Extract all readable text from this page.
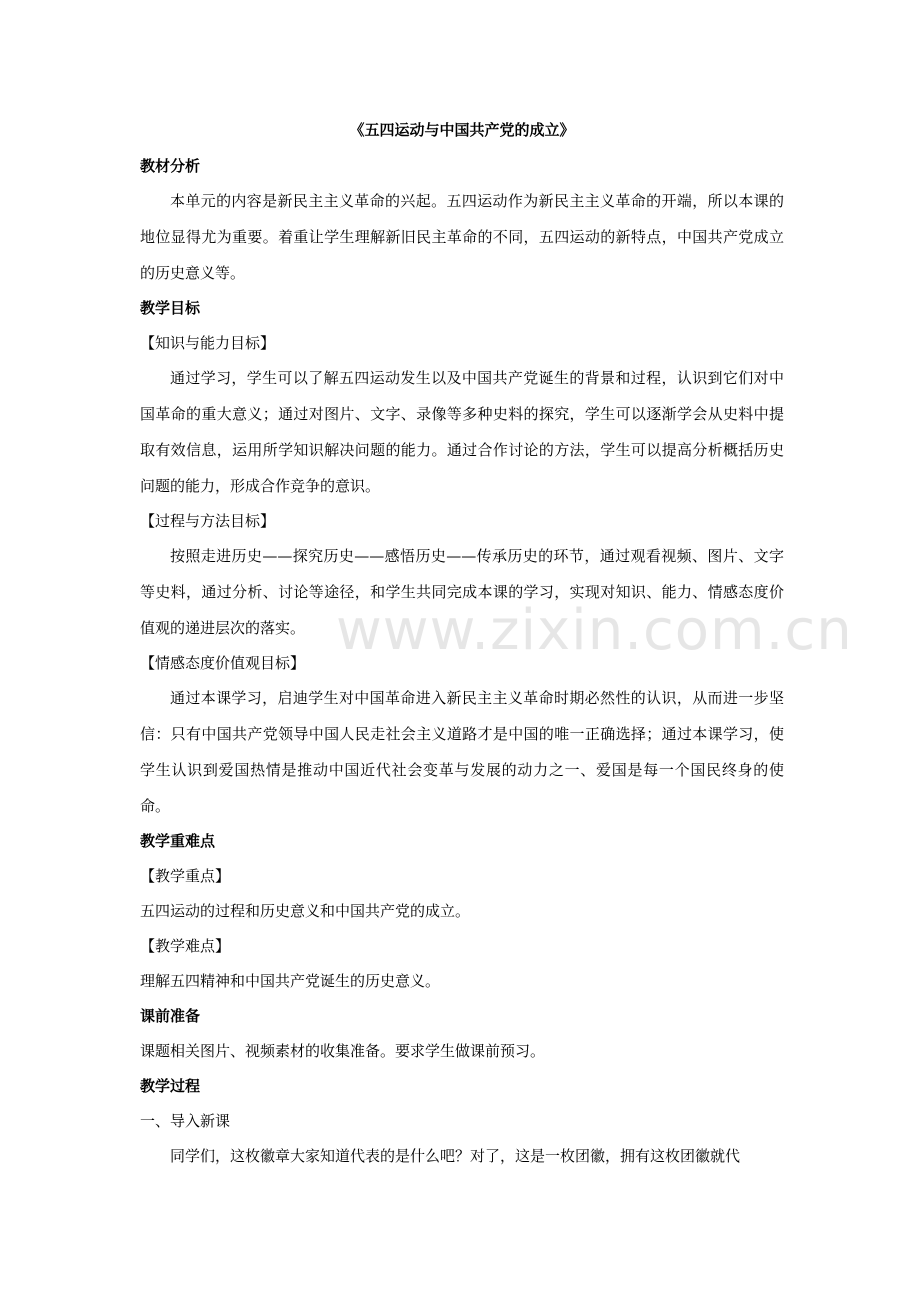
《五四运动与中国共产党的成立》
教材分析

本单元的内容是新民主主义革命的兴起。五四运动作为新民主主义革命的开端，所以本课的地位显得尤为重要。着重让学生理解新旧民主革命的不同，五四运动的新特点，中国共产党成立的历史意义等。

教学目标
【知识与能力目标】

通过学习，学生可以了解五四运动发生以及中国共产党诞生的背景和过程，认识到它们对中国革命的重大意义；通过对图片、文字、录像等多种史料的探究，学生可以逐渐学会从史料中提取有效信息，运用所学知识解决问题的能力。通过合作讨论的方法，学生可以提高分析概括历史问题的能力，形成合作竞争的意识。

【过程与方法目标】

按照走进历史——探究历史——感悟历史——传承历史的环节，通过观看视频、图片、文字等史料，通过分析、讨论等途径，和学生共同完成本课的学习，实现对知识、能力、情感态度价值观的递进层次的落实。

【情感态度价值观目标】

通过本课学习，启迪学生对中国革命进入新民主主义革命时期必然性的认识，从而进一步坚信：只有中国共产党领导中国人民走社会主义道路才是中国的唯一正确选择；通过本课学习，使学生认识到爱国热情是推动中国近代社会变革与发展的动力之一、爱国是每一个国民终身的使命。

教学重难点
【教学重点】
五四运动的过程和历史意义和中国共产党的成立。
【教学难点】
理解五四精神和中国共产党诞生的历史意义。
课前准备
课题相关图片、视频素材的收集准备。要求学生做课前预习。
教学过程
一、导入新课

同学们，这枚徽章大家知道代表的是什么吧？对了，这是一枚团徽，拥有这枚团徽就代

www.zixin.com.cn
